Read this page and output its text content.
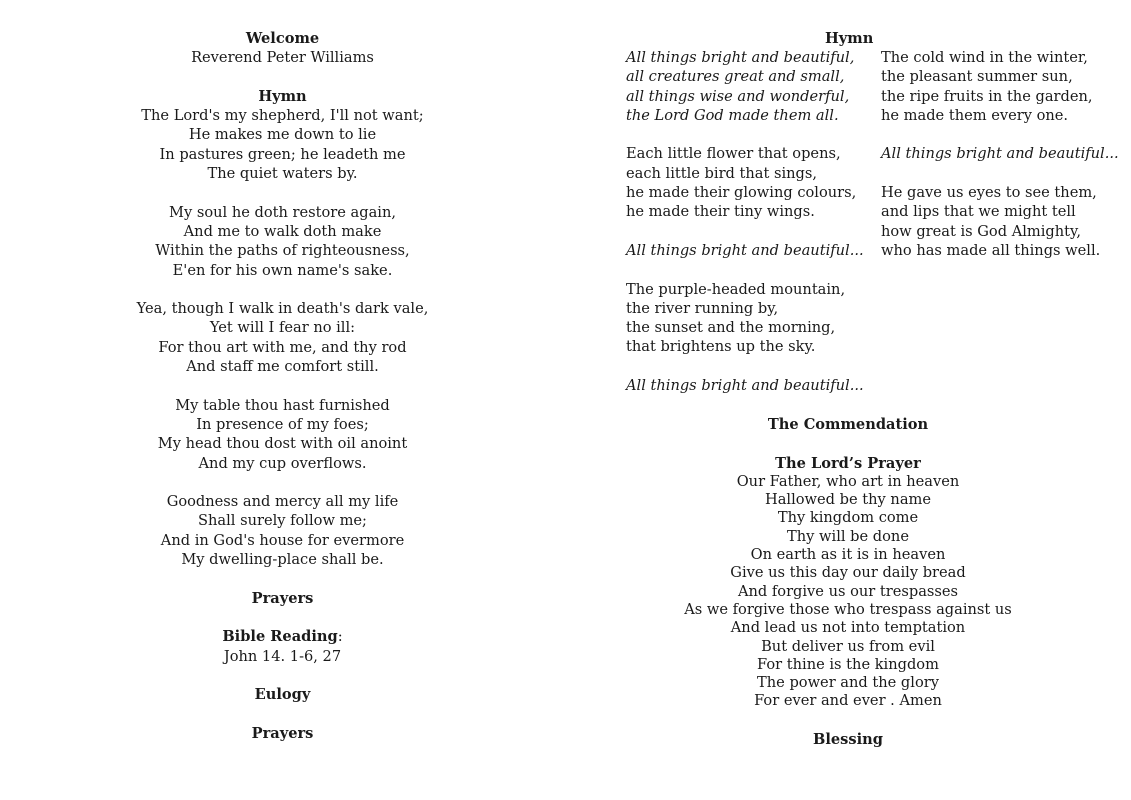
Welcome
Reverend Peter Williams
Hymn
The Lord's my shepherd, I'll not want;
He makes me down to lie
In pastures green; he leadeth me
The quiet waters by.
My soul he doth restore again,
And me to walk doth make
Within the paths of righteousness,
E'en for his own name's sake.
Yea, though I walk in death's dark vale,
Yet will I fear no ill:
For thou art with me, and thy rod
And staff me comfort still.
My table thou hast furnished
In presence of my foes;
My head thou dost with oil anoint
And my cup overflows.
Goodness and mercy all my life
Shall surely follow me;
And in God's house for evermore
My dwelling-place shall be.
Prayers
Bible Reading:
John 14. 1-6, 27
Eulogy
Prayers
Hymn
All things bright and beautiful,
all creatures great and small,
all things wise and wonderful,
the Lord God made them all.
Each little flower that opens,
each little bird that sings,
he made their glowing colours,
he made their tiny wings.
All things bright and beautiful...
The purple-headed mountain,
the river running by,
the sunset and the morning,
that brightens up the sky.
All things bright and beautiful...
The cold wind in the winter,
the pleasant summer sun,
the ripe fruits in the garden,
he made them every one.
All things bright and beautiful...
He gave us eyes to see them,
and lips that we might tell
how great is God Almighty,
who has made all things well.
The Commendation
The Lord’s Prayer
Our Father, who art in heaven
Hallowed be thy name
Thy kingdom come
Thy will be done
On earth as it is in heaven
Give us this day our daily bread
And forgive us our trespasses
As we forgive those who trespass against us
And lead us not into temptation
But deliver us from evil
For thine is the kingdom
The power and the glory
For ever and ever . Amen
Blessing
